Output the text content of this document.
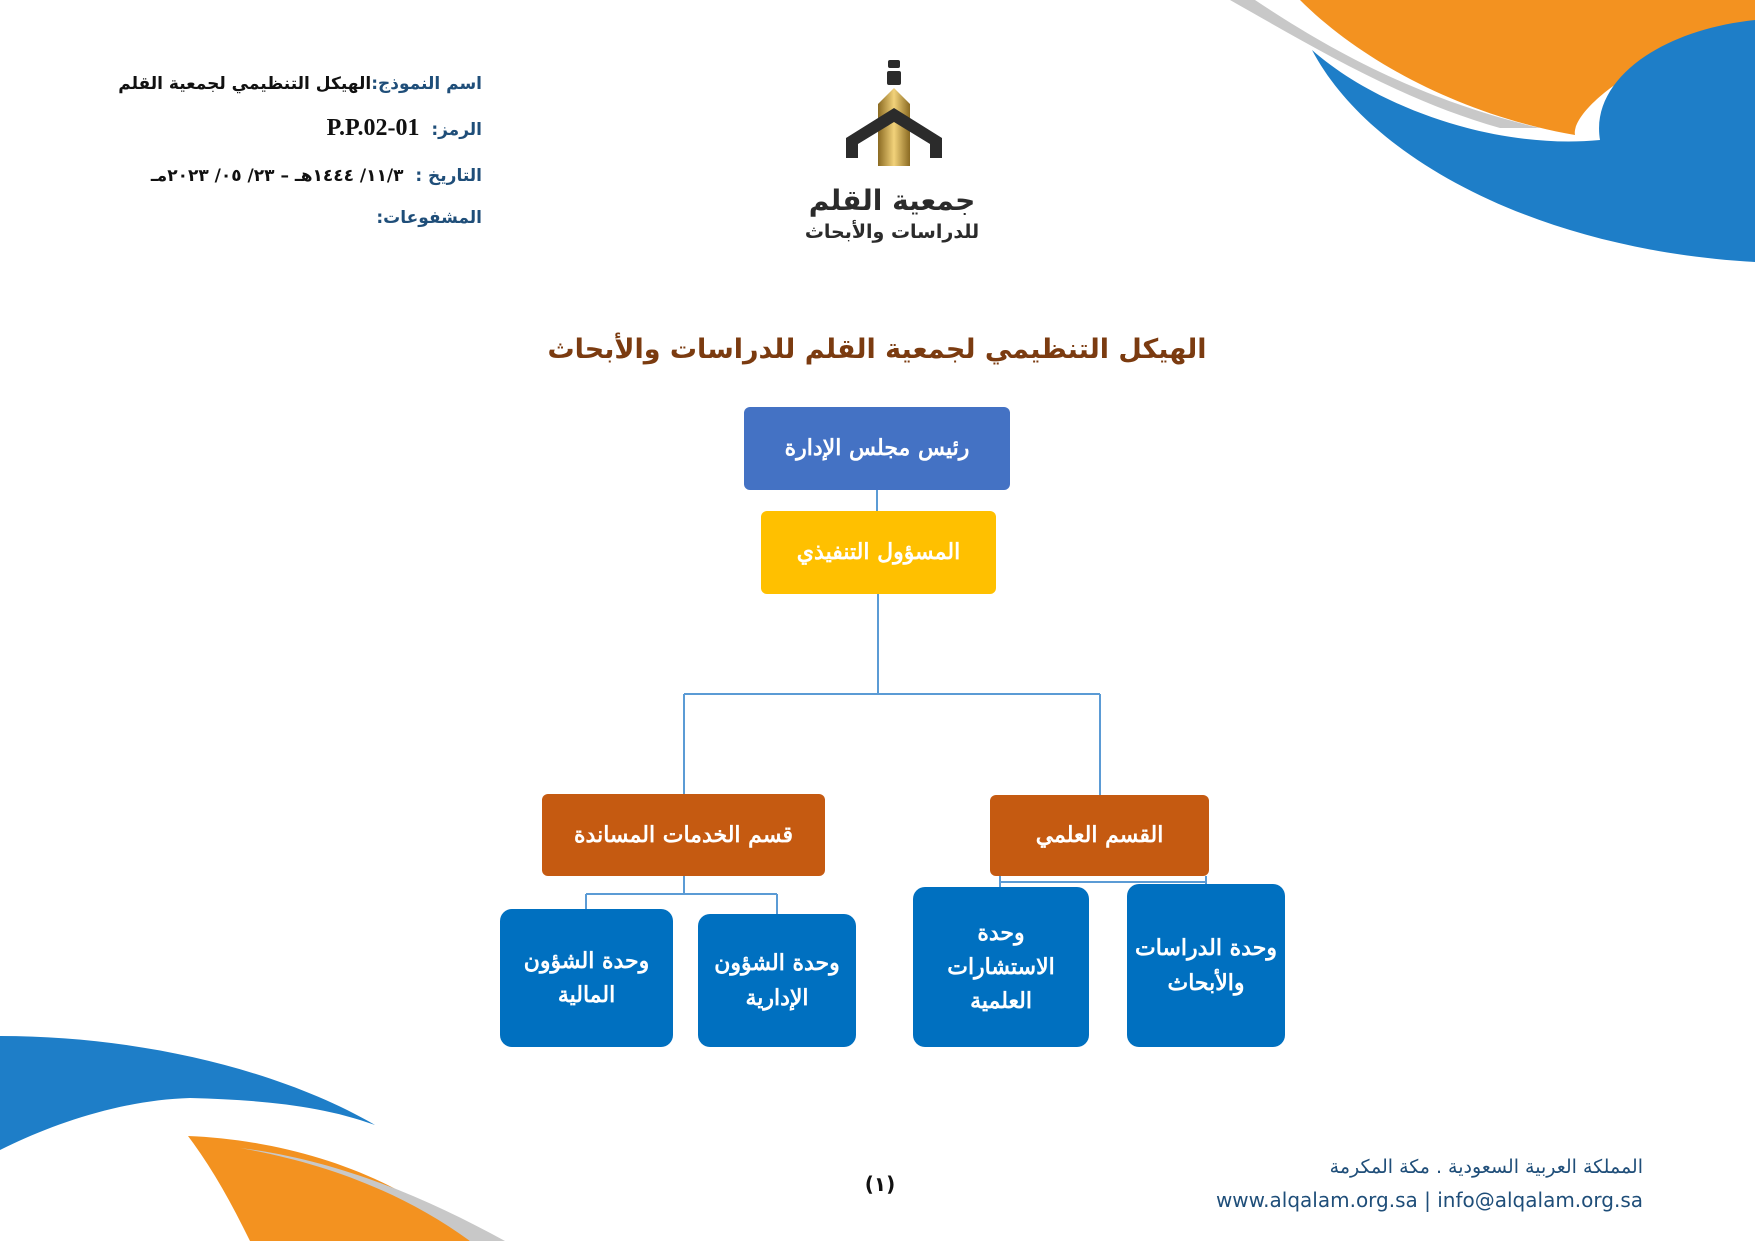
اسم النموذج:الهيكل التنظيمي لجمعية القلم
الرمز:  P.P.02-01
التاريخ :  ١١/٣/ ١٤٤٤هـ – ٢٣/ ٠٥/ ٢٠٢٣مـ
المشفوعات:
جمعية القلم
للدراسات والأبحاث
الهيكل التنظيمي لجمعية القلم للدراسات والأبحاث
رئيس مجلس الإدارة
المسؤول التنفيذي
القسم العلمي
قسم الخدمات المساندة
وحدة الدراسات والأبحاث
وحدة الاستشارات العلمية
وحدة الشؤون الإدارية
وحدة الشؤون المالية
(١)
المملكة العربية السعودية . مكة المكرمة
www.alqalam.org.sa | info@alqalam.org.sa
